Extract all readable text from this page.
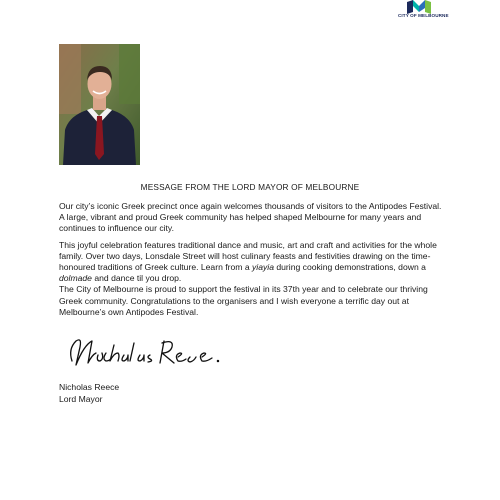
CITY OF MELBOURNE
MESSAGE FROM THE LORD MAYOR OF MELBOURNE

Our city’s iconic Greek precinct once again welcomes thousands of visitors to the Antipodes Festival. A large, vibrant and proud Greek community has helped shaped Melbourne for many years and continues to influence our city.

This joyful celebration features traditional dance and music, art and craft and activities for the whole family. Over two days, Lonsdale Street will host culinary feasts and festivities drawing on the time-honoured traditions of Greek culture. Learn from a yiayia during cooking demonstrations, down a dolmade and dance til you drop.

The City of Melbourne is proud to support the festival in its 37th year and to celebrate our thriving Greek community. Congratulations to the organisers and I wish everyone a terrific day out at Melbourne’s own Antipodes Festival.

Nicholas Reece
Lord Mayor
